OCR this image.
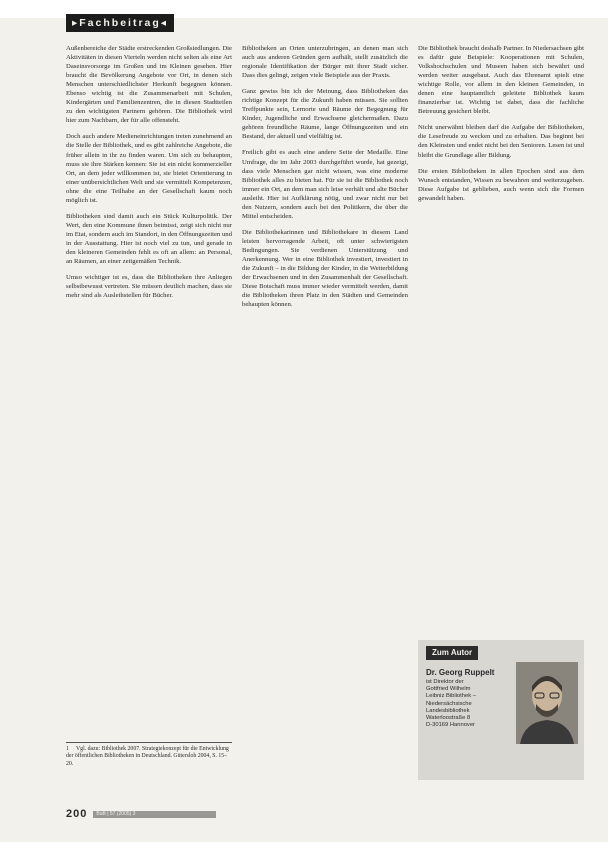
▸Fachbeitrag◂

Außenbereiche der Städte erstreckenden Großsiedlungen. Die Aktivitäten in diesen Vierteln werden nicht selten als eine Art Daseinsvorsorge im Großen und im Kleinen gesehen. Hier braucht die Bevölkerung Angebote vor Ort, in denen sich Menschen unterschiedlichster Herkunft begegnen können. Ebenso wichtig ist die Zusammenarbeit mit Schulen, Kindergärten und Familienzentren, die in diesen Stadtteilen zu den wichtigsten Partnern gehören. Die Bibliothek wird hier zum Nachbarn, der für alle offensteht.

Doch auch andere Medieneinrichtungen treten zunehmend an die Stelle der Bibliothek, und es gibt zahlreiche Angebote, die früher allein in ihr zu finden waren. Um sich zu behaupten, muss sie ihre Stärken kennen: Sie ist ein nicht kommerzieller Ort, an dem jeder willkommen ist, sie bietet Orientierung in einer unübersichtlichen Welt und sie vermittelt Kompetenzen, ohne die eine Teilhabe an der Gesellschaft kaum noch möglich ist.

Bibliotheken sind damit auch ein Stück Kulturpolitik. Der Wert, den eine Kommune ihnen beimisst, zeigt sich nicht nur im Etat, sondern auch im Standort, in den Öffnungszeiten und in der Ausstattung. Hier ist noch viel zu tun, und gerade in den kleineren Gemeinden fehlt es oft an allem: an Personal, an Räumen, an einer zeitgemäßen Technik.

Umso wichtiger ist es, dass die Bibliotheken ihre Anliegen selbstbewusst vertreten. Sie müssen deutlich machen, dass sie mehr sind als Ausleihstellen für Bücher.

1 Vgl. dazu: Bibliothek 2007. Strategiekonzept für die Entwicklung der öffentlichen Bibliotheken in Deutschland. Gütersloh 2004, S. 15–20.

Bibliotheken an Orten unterzubringen, an denen man sich auch aus anderen Gründen gern aufhält, stellt zusätzlich die regionale Identifikation der Bürger mit ihrer Stadt sicher. Dass dies gelingt, zeigen viele Beispiele aus der Praxis.

Ganz gewiss bin ich der Meinung, dass Bibliotheken das richtige Konzept für die Zukunft haben müssen. Sie sollten Treffpunkte sein, Lernorte und Räume der Begegnung für Kinder, Jugendliche und Erwachsene gleichermaßen. Dazu gehören freundliche Räume, lange Öffnungszeiten und ein Bestand, der aktuell und vielfältig ist.

Freilich gibt es auch eine andere Seite der Medaille. Eine Umfrage, die im Jahr 2003 durchgeführt wurde, hat gezeigt, dass viele Menschen gar nicht wissen, was eine moderne Bibliothek alles zu bieten hat. Für sie ist die Bibliothek noch immer ein Ort, an dem man sich leise verhält und alte Bücher ausleiht. Hier ist Aufklärung nötig, und zwar nicht nur bei den Nutzern, sondern auch bei den Politikern, die über die Mittel entscheiden.

Die Bibliothekarinnen und Bibliothekare in diesem Land leisten hervorragende Arbeit, oft unter schwierigsten Bedingungen. Sie verdienen Unterstützung und Anerkennung. Wer in eine Bibliothek investiert, investiert in die Zukunft – in die Bildung der Kinder, in die Weiterbildung der Erwachsenen und in den Zusammenhalt der Gesellschaft. Diese Botschaft muss immer wieder vermittelt werden, damit die Bibliotheken ihren Platz in den Städten und Gemeinden behaupten können.

Die Bibliothek braucht deshalb Partner. In Niedersachsen gibt es dafür gute Beispiele: Kooperationen mit Schulen, Volkshochschulen und Museen haben sich bewährt und werden weiter ausgebaut. Auch das Ehrenamt spielt eine wichtige Rolle, vor allem in den kleinen Gemeinden, in denen eine hauptamtlich geleitete Bibliothek kaum finanzierbar ist. Wichtig ist dabei, dass die fachliche Betreuung gesichert bleibt.

Nicht unerwähnt bleiben darf die Aufgabe der Bibliotheken, die Lesefreude zu wecken und zu erhalten. Das beginnt bei den Kleinsten und endet nicht bei den Senioren. Lesen ist und bleibt die Grundlage aller Bildung.

Die ersten Bibliotheken in allen Epochen sind aus dem Wunsch entstanden, Wissen zu bewahren und weiterzugeben. Diese Aufgabe ist geblieben, auch wenn sich die Formen gewandelt haben.

Zum Autor
Dr. Georg Ruppelt
ist Direktor der
Gottfried Wilhelm
Leibniz Bibliothek –
Niedersächsische
Landesbibliothek
Waterloostraße 8
D-30169 Hannover
200	BuB | 57 (2005) 3
